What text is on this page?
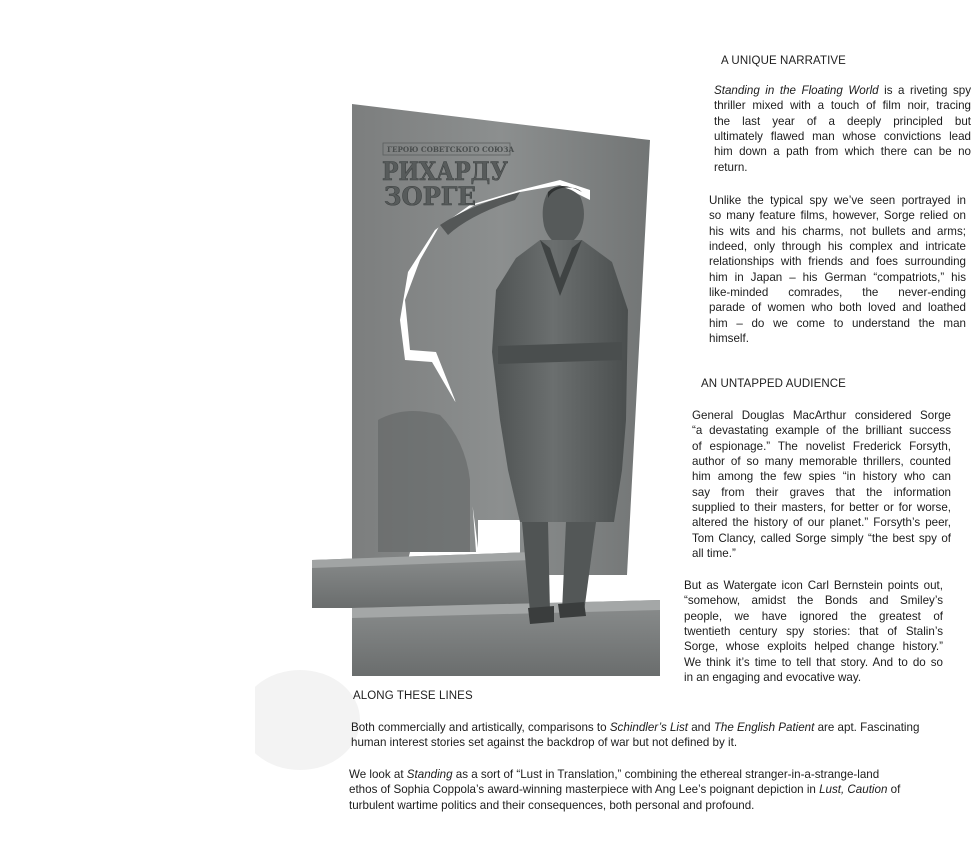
ГЕРОЮ СОВЕТСКОГО СОЮЗА
РИХАРДУ
ЗОРГЕ
A UNIQUE NARRATIVE
Standing in the Floating World is a riveting spy
thriller mixed with a touch of film noir, tracing
the last year of a deeply principled but
ultimately flawed man whose convictions lead
him down a path from which there can be no
return.
Unlike the typical spy we’ve seen portrayed in
so many feature films, however, Sorge relied on
his wits and his charms, not bullets and arms;
indeed, only through his complex and intricate
relationships with friends and foes surrounding
him in Japan – his German “compatriots,” his
like-minded comrades, the never-ending
parade of women who both loved and loathed
him – do we come to understand the man
himself.
AN UNTAPPED AUDIENCE
General Douglas MacArthur considered Sorge
“a devastating example of the brilliant success
of espionage.” The novelist Frederick Forsyth,
author of so many memorable thrillers, counted
him among the few spies “in history who can
say from their graves that the information
supplied to their masters, for better or for worse,
altered the history of our planet.” Forsyth’s peer,
Tom Clancy, called Sorge simply “the best spy of
all time.”
But as Watergate icon Carl Bernstein points out,
“somehow, amidst the Bonds and Smiley’s
people, we have ignored the greatest of
twentieth century spy stories: that of Stalin’s
Sorge, whose exploits helped change history.”
We think it’s time to tell that story. And to do so
in an engaging and evocative way.
ALONG THESE LINES
Both commercially and artistically, comparisons to Schindler’s List and The English Patient are apt. Fascinating
human interest stories set against the backdrop of war but not defined by it.
We look at Standing as a sort of “Lust in Translation,” combining the ethereal stranger-in-a-strange-land
ethos of Sophia Coppola’s award-winning masterpiece with Ang Lee’s poignant depiction in Lust, Caution of
turbulent wartime politics and their consequences, both personal and profound.
